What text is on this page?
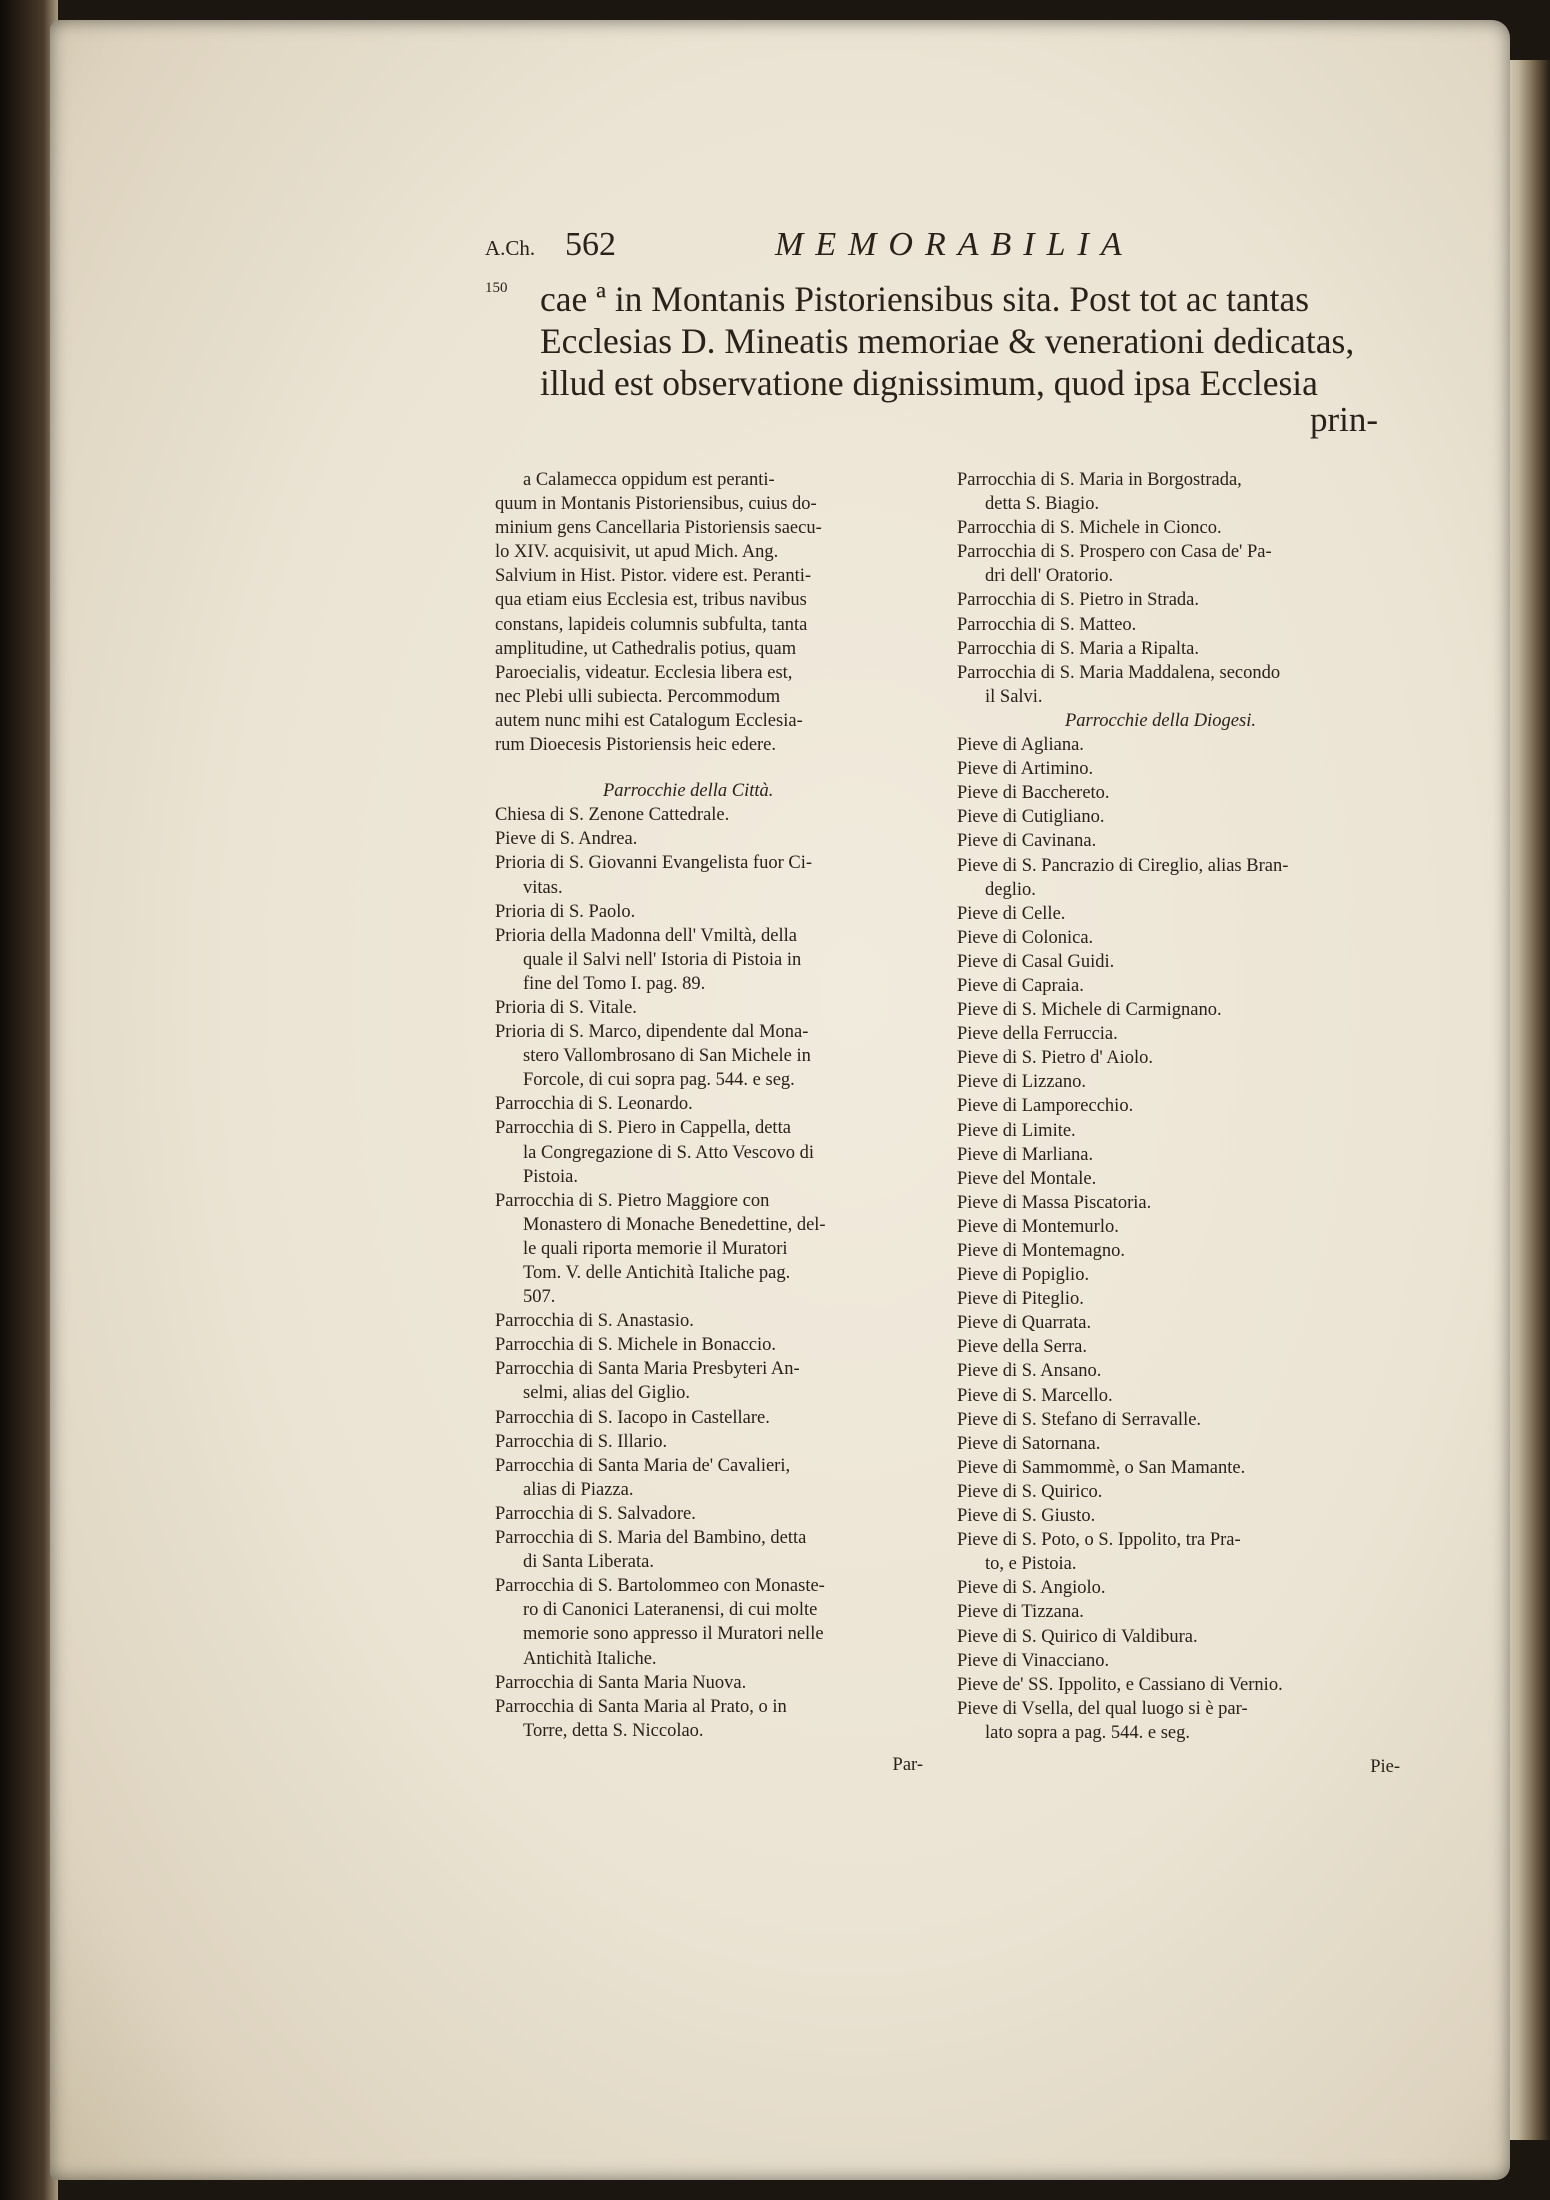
A.Ch. 562	MEMORABILIA
150 cae ª in Montanis Pistoriensibus sita. Post tot ac tantas

Ecclesias D. Mineatis memoriae & venerationi dedicatas,

illud est observatione dignissimum, quod ipsa Ecclesia

prin-
a Calamecca oppidum est peranti-
quum in Montanis Pistoriensibus, cuius do-
minium gens Cancellaria Pistoriensis saecu-
lo XIV. acquisivit, ut apud Mich. Ang.
Salvium in Hist. Pistor. videre est. Peranti-
qua etiam eius Ecclesia est, tribus navibus
constans, lapideis columnis subfulta, tanta
amplitudine, ut Cathedralis potius, quam
Paroecialis, videatur. Ecclesia libera est,
nec Plebi ulli subiecta. Percommodum
autem nunc mihi est Catalogum Ecclesia-
rum Dioecesis Pistoriensis heic edere.
Parrocchie della Città.
Chiesa di S. Zenone Cattedrale.
Pieve di S. Andrea.
Prioria di S. Giovanni Evangelista fuor Ci-
vitas.
Prioria di S. Paolo.
Prioria della Madonna dell' Vmiltà, della
quale il Salvi nell' Istoria di Pistoia in
fine del Tomo I. pag. 89.
Prioria di S. Vitale.
Prioria di S. Marco, dipendente dal Mona-
stero Vallombrosano di San Michele in
Forcole, di cui sopra pag. 544. e seg.
Parrocchia di S. Leonardo.
Parrocchia di S. Piero in Cappella, detta
la Congregazione di S. Atto Vescovo di
Pistoia.
Parrocchia di S. Pietro Maggiore con
Monastero di Monache Benedettine, del-
le quali riporta memorie il Muratori
Tom. V. delle Antichità Italiche pag.
507.
Parrocchia di S. Anastasio.
Parrocchia di S. Michele in Bonaccio.
Parrocchia di Santa Maria Presbyteri An-
selmi, alias del Giglio.
Parrocchia di S. Iacopo in Castellare.
Parrocchia di S. Illario.
Parrocchia di Santa Maria de' Cavalieri,
alias di Piazza.
Parrocchia di S. Salvadore.
Parrocchia di S. Maria del Bambino, detta
di Santa Liberata.
Parrocchia di S. Bartolommeo con Monaste-
ro di Canonici Lateranensi, di cui molte
memorie sono appresso il Muratori nelle
Antichità Italiche.
Parrocchia di Santa Maria Nuova.
Parrocchia di Santa Maria al Prato, o in
Torre, detta S. Niccolao.
Par-
Parrocchia di S. Maria in Borgostrada,
detta S. Biagio.
Parrocchia di S. Michele in Cionco.
Parrocchia di S. Prospero con Casa de' Pa-
dri dell' Oratorio.
Parrocchia di S. Pietro in Strada.
Parrocchia di S. Matteo.
Parrocchia di S. Maria a Ripalta.
Parrocchia di S. Maria Maddalena, secondo
il Salvi.
Parrocchie della Diogesi.
Pieve di Agliana.
Pieve di Artimino.
Pieve di Bacchereto.
Pieve di Cutigliano.
Pieve di Cavinana.
Pieve di S. Pancrazio di Cireglio, alias Bran-
deglio.
Pieve di Celle.
Pieve di Colonica.
Pieve di Casal Guidi.
Pieve di Capraia.
Pieve di S. Michele di Carmignano.
Pieve della Ferruccia.
Pieve di S. Pietro d' Aiolo.
Pieve di Lizzano.
Pieve di Lamporecchio.
Pieve di Limite.
Pieve di Marliana.
Pieve del Montale.
Pieve di Massa Piscatoria.
Pieve di Montemurlo.
Pieve di Montemagno.
Pieve di Popiglio.
Pieve di Piteglio.
Pieve di Quarrata.
Pieve della Serra.
Pieve di S. Ansano.
Pieve di S. Marcello.
Pieve di S. Stefano di Serravalle.
Pieve di Satornana.
Pieve di Sammommè, o San Mamante.
Pieve di S. Quirico.
Pieve di S. Giusto.
Pieve di S. Poto, o S. Ippolito, tra Pra-
to, e Pistoia.
Pieve di S. Angiolo.
Pieve di Tizzana.
Pieve di S. Quirico di Valdibura.
Pieve di Vinacciano.
Pieve de' SS. Ippolito, e Cassiano di Vernio.
Pieve di Vsella, del qual luogo si è par-
lato sopra a pag. 544. e seg.
Pie-
